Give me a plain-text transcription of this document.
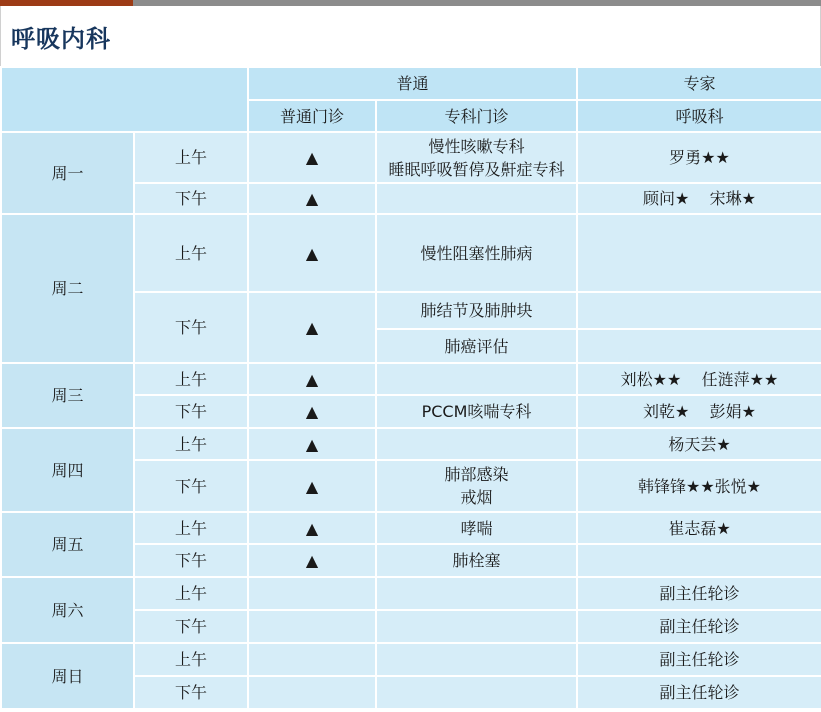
呼吸内科
		普通		专家
		普通门诊	专科门诊	呼吸科
周一	上午	▲	慢性咳嗽专科
睡眠呼吸暂停及鼾症专科	罗勇★★
	下午	▲		顾问★    宋琳★
周二	上午	▲	慢性阻塞性肺病	
	下午	▲	肺结节及肺肿块	
			肺癌评估	
周三	上午	▲		刘松★★    任涟萍★★
	下午	▲	PCCM咳喘专科	刘乾★    彭娟★
周四	上午	▲		杨天芸★
	下午	▲	肺部感染
戒烟	韩锋锋★★张悦★
周五	上午	▲	哮喘	崔志磊★
	下午	▲	肺栓塞	
周六	上午			副主任轮诊
	下午			副主任轮诊
周日	上午			副主任轮诊
	下午			副主任轮诊
